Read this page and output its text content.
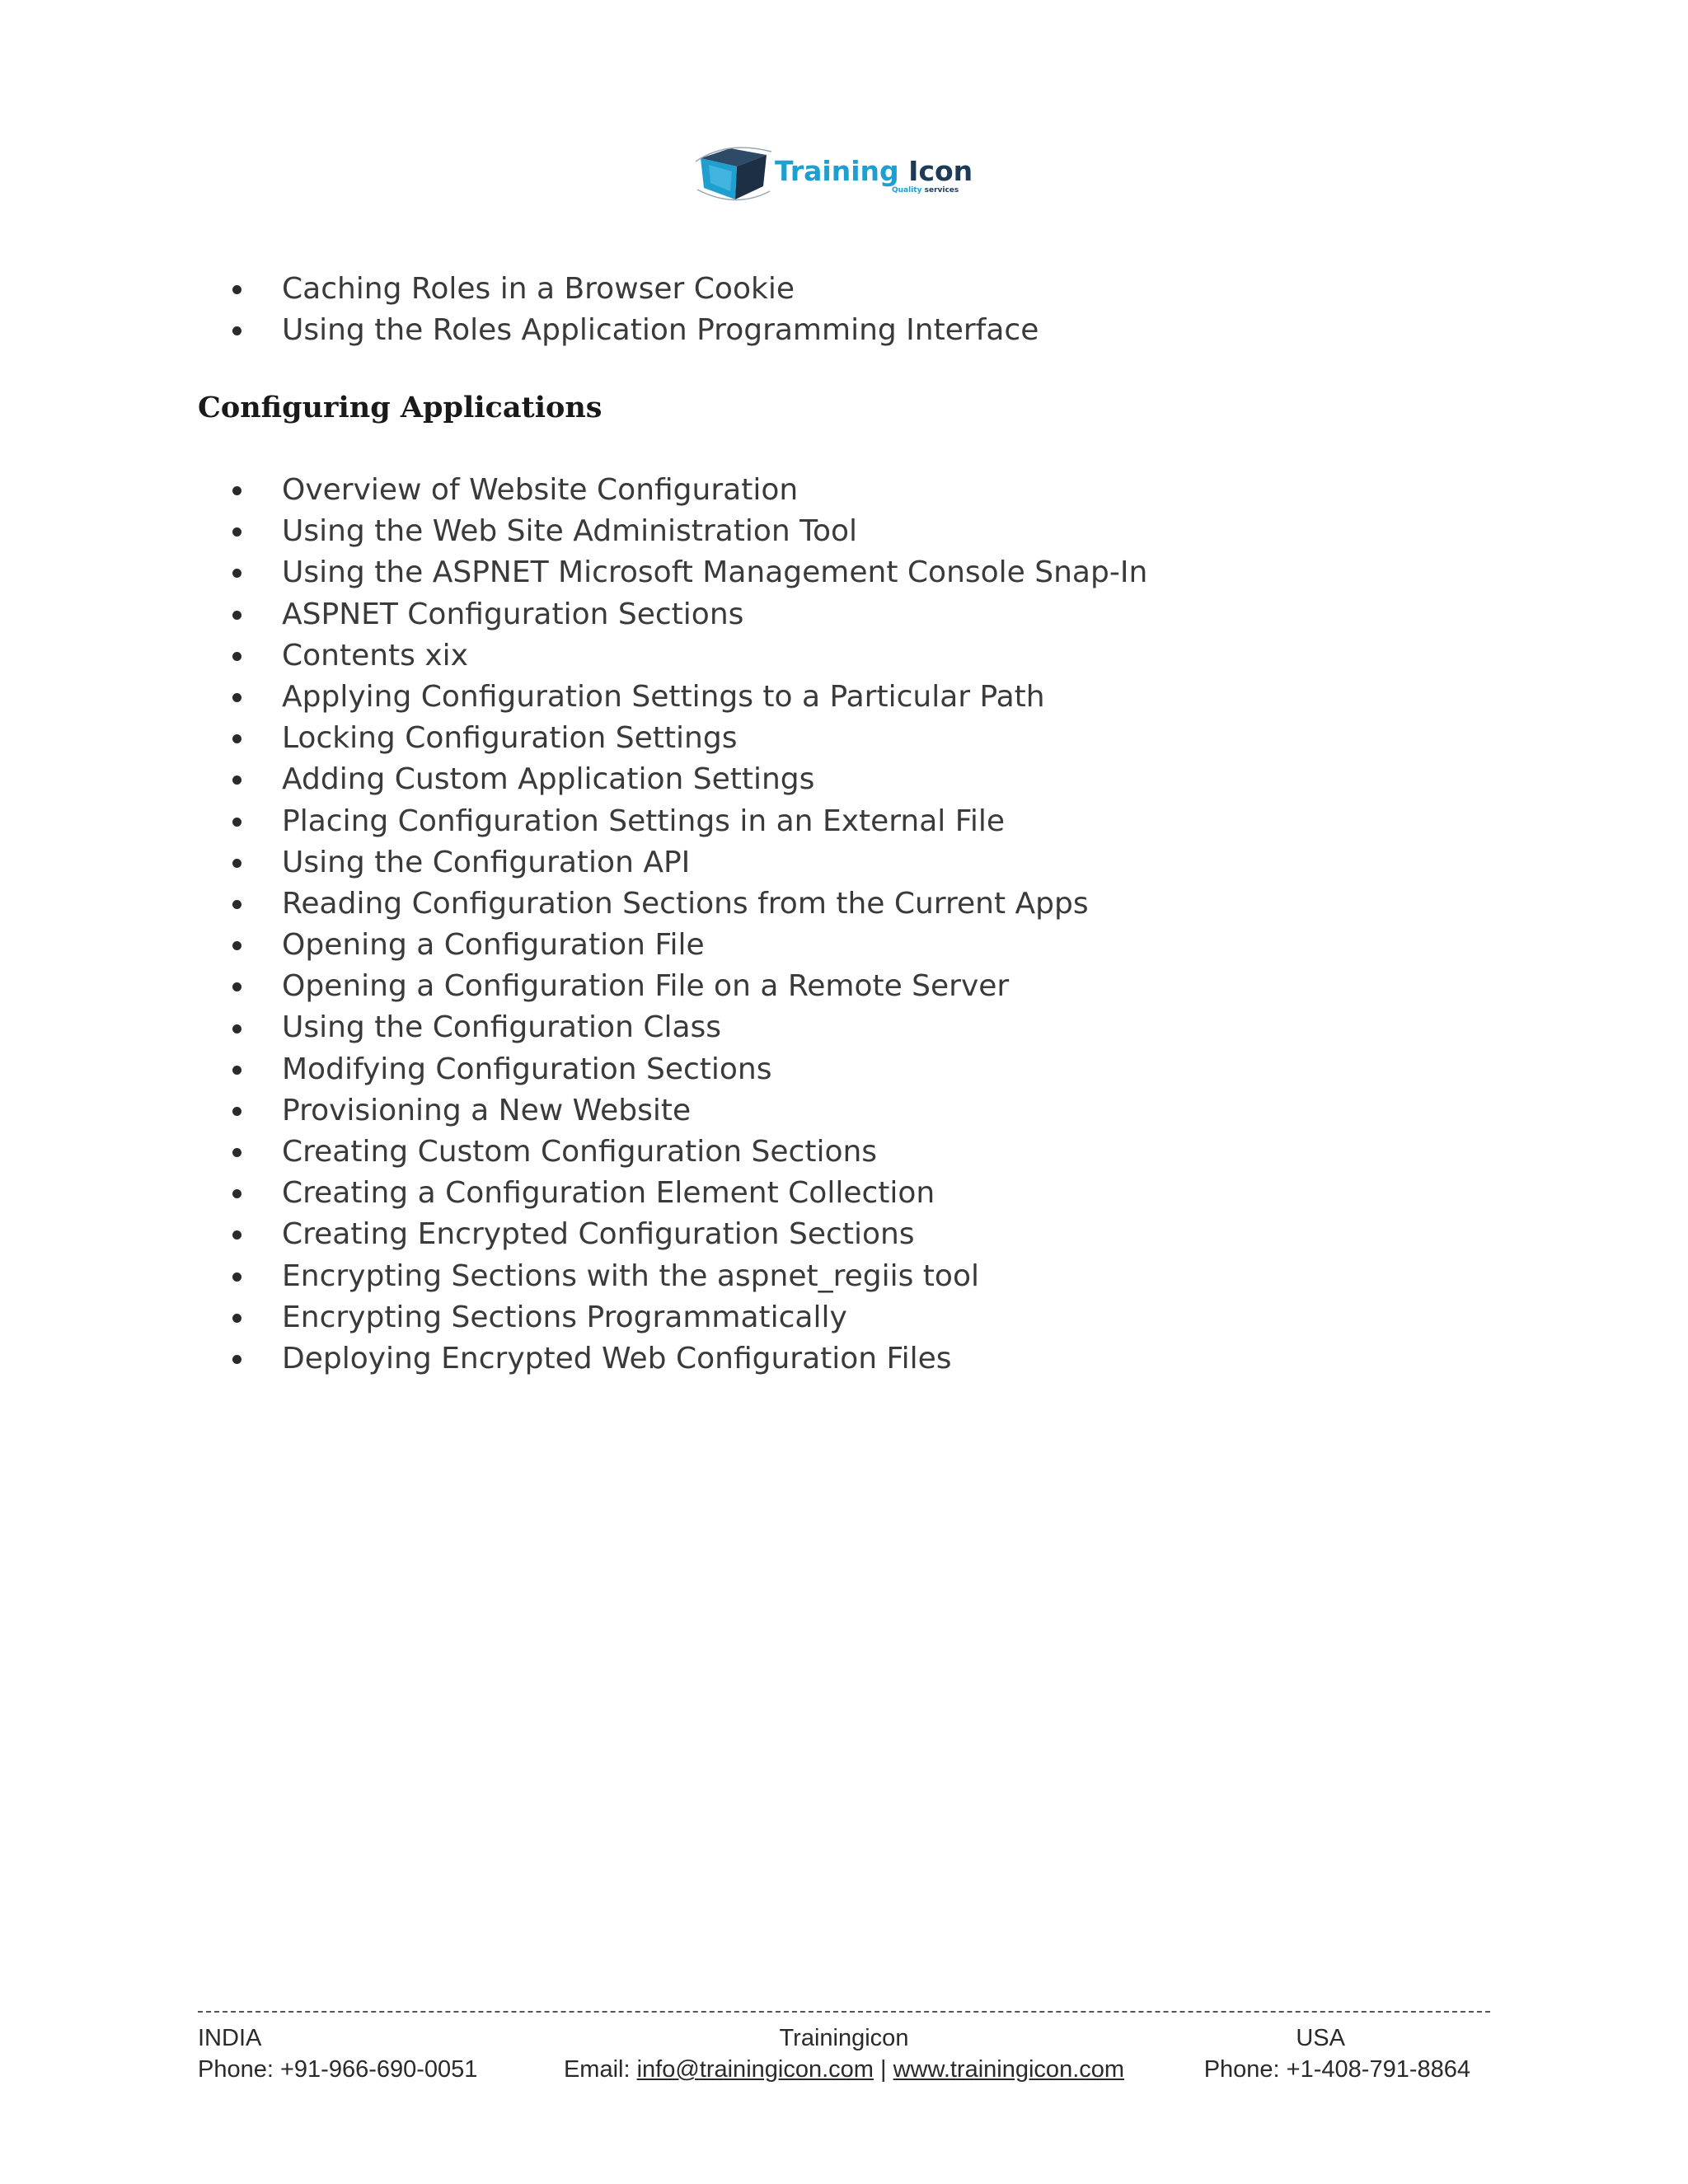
Training Icon
Quality services
Caching Roles in a Browser Cookie
Using the Roles Application Programming Interface
Configuring Applications
Overview of Website Configuration
Using the Web Site Administration Tool
Using the ASPNET Microsoft Management Console Snap-In
ASPNET Configuration Sections
Contents xix
Applying Configuration Settings to a Particular Path
Locking Configuration Settings
Adding Custom Application Settings
Placing Configuration Settings in an External File
Using the Configuration API
Reading Configuration Sections from the Current Apps
Opening a Configuration File
Opening a Configuration File on a Remote Server
Using the Configuration Class
Modifying Configuration Sections
Provisioning a New Website
Creating Custom Configuration Sections
Creating a Configuration Element Collection
Creating Encrypted Configuration Sections
Encrypting Sections with the aspnet_regiis tool
Encrypting Sections Programmatically
Deploying Encrypted Web Configuration Files
INDIA	Trainingicon	USA
Phone: +91-966-690-0051	Email: info@trainingicon.com | www.trainingicon.com	Phone: +1-408-791-8864
